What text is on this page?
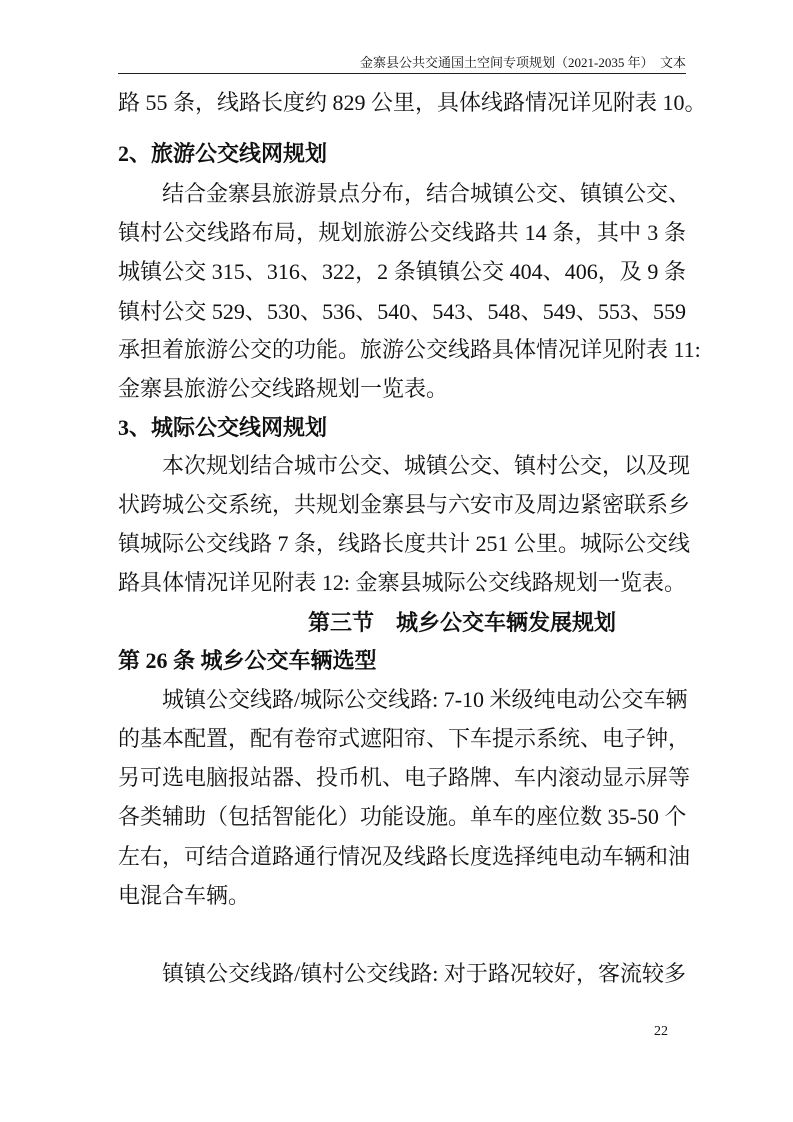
金寨县公共交通国土空间专项规划（2021-2035 年） 文本
路 55 条，线路长度约 829 公里，具体线路情况详见附表 10。
2、旅游公交线网规划
结合金寨县旅游景点分布，结合城镇公交、镇镇公交、
镇村公交线路布局，规划旅游公交线路共 14 条，其中 3 条
城镇公交 315、316、322，2 条镇镇公交 404、406，及 9 条
镇村公交 529、530、536、540、543、548、549、553、559
承担着旅游公交的功能。旅游公交线路具体情况详见附表 11:
金寨县旅游公交线路规划一览表。
3、城际公交线网规划
本次规划结合城市公交、城镇公交、镇村公交，以及现
状跨城公交系统，共规划金寨县与六安市及周边紧密联系乡
镇城际公交线路 7 条，线路长度共计 251 公里。城际公交线
路具体情况详见附表 12: 金寨县城际公交线路规划一览表。
第三节　城乡公交车辆发展规划
第 26 条 城乡公交车辆选型
城镇公交线路/城际公交线路: 7-10 米级纯电动公交车辆
的基本配置，配有卷帘式遮阳帘、下车提示系统、电子钟，
另可选电脑报站器、投币机、电子路牌、车内滚动显示屏等
各类辅助（包括智能化）功能设施。单车的座位数 35-50 个
左右，可结合道路通行情况及线路长度选择纯电动车辆和油
电混合车辆。
镇镇公交线路/镇村公交线路: 对于路况较好，客流较多
22
